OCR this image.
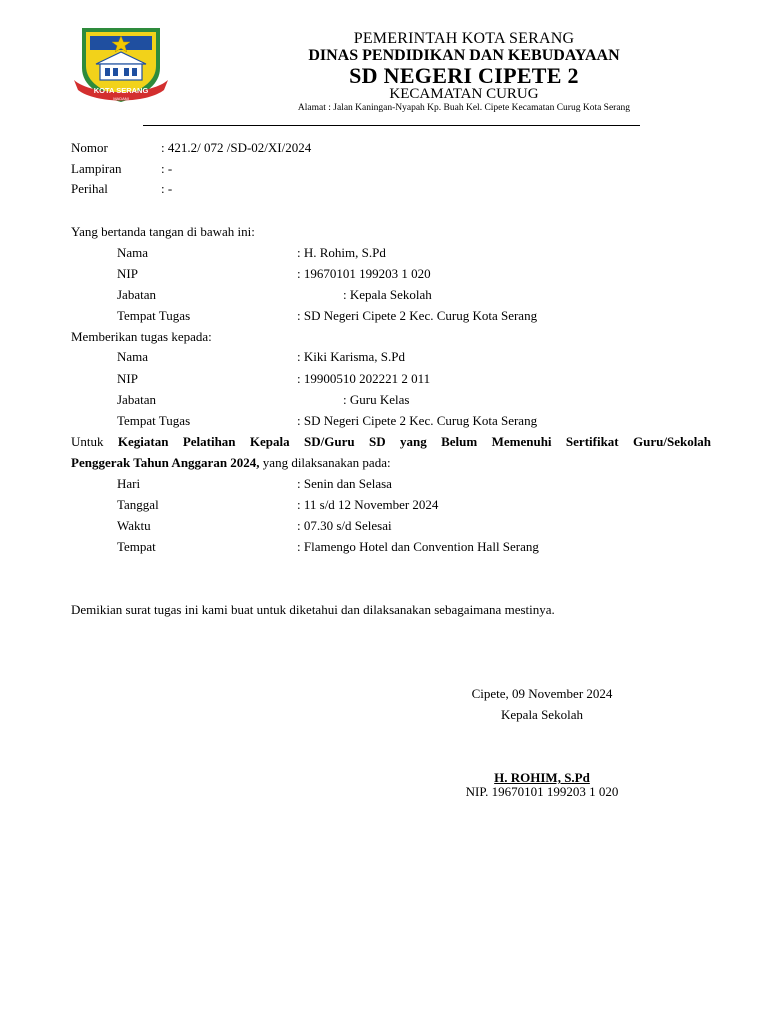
KOTA SERANG
MADANI
PEMERINTAH KOTA SERANG
DINAS PENDIDIKAN DAN KEBUDAYAAN
SD NEGERI CIPETE 2
KECAMATAN CURUG
Alamat : Jalan Kaningan-Nyapah Kp. Buah Kel. Cipete Kecamatan Curug Kota Serang
Nomor	: 421.2/ 072 /SD-02/XI/2024
Lampiran	: -
Perihal	: -
Yang bertanda tangan di bawah ini:
Nama	: H. Rohim, S.Pd
NIP	: 19670101 199203 1 020
Jabatan	: Kepala Sekolah
Tempat Tugas	: SD Negeri Cipete 2 Kec. Curug Kota Serang
Memberikan tugas kepada:
Nama	: Kiki Karisma, S.Pd
NIP	: 19900510 202221 2 011
Jabatan	: Guru Kelas
Tempat Tugas	: SD Negeri Cipete 2 Kec. Curug Kota Serang
Untuk Kegiatan Pelatihan Kepala SD/Guru SD yang Belum Memenuhi Sertifikat Guru/Sekolah
Penggerak Tahun Anggaran 2024, yang dilaksanakan pada:
Hari	: Senin dan Selasa
Tanggal	: 11 s/d 12 November 2024
Waktu	: 07.30 s/d Selesai
Tempat	: Flamengo Hotel dan Convention Hall Serang
Demikian surat tugas ini kami buat untuk diketahui dan dilaksanakan sebagaimana mestinya.
Cipete, 09 November 2024
Kepala Sekolah
H. ROHIM, S.Pd
NIP. 19670101 199203 1 020
